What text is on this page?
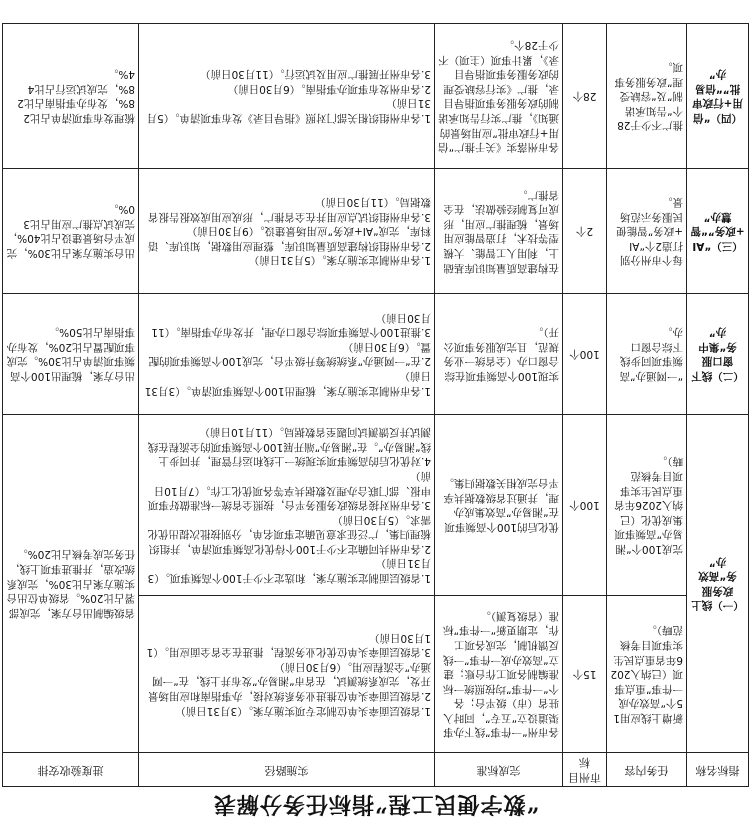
“数字便民工程”指标任务分解表
指标名称	任务内容	市州目标	完成标准	实施路径	进度验收安排
（一）线上政务服务“高效办”	新增上线应用15个“高效办成一件事”重点事项（已纳入2026年省重点民生实事项目考核范畴）。	15个	各市州“一件事”线下办事渠道设立“五专”，同时入驻省（市）级平台；各个“一件事”均按照统一标准编制各项工作台账；建立“高效办成一件事”一线反馈机制，完成各项工作，定期更新“一件事”标准（省级复测）。	1.省级层面牵头单位制定专项实施方案。（3月31日前）
2.省级层面牵头单位推进业务系统对接，办事指南和应用场景开发，完成系统测试，在省市“湘易办”发布并上线，在“一网通办”全流程应用。（6月30日前）
3.省级层面牵头单位优化业务流程，推进在全省全面应用。（11月30日前）	省级编制出台方案，完成部署占比20%。省级单位出台实施方案占比30%，完成系统改造，并推进事项上线，任务完成考核占比20%。
	完成100个“湘易办”高频事项集成优化（已纳入2026年省重点民生实事项目考核范畴）。	100个	优化后的100个高频事项在“湘易办”高效集成办理，并通过省级数据共享平台完成相关数据归集。	1.省级层面制定实施方案，和选定不少于100个高频事项。（3月31日前）
2.各市州共同确定不少于100个待优化高频事项清单，并组织梳理归集，广泛征求意见确定事项名单，分别按批次提出优化需求。（5月30日前）
3.各市州对接省级政务服务平台，按照全省统一标准做好事项申报、部门联合办理及数据共享等各项优化工作。（7月10日前）
4.对优化后的高频事项实现统一上线和运行管理，并同步上线“湘易办”。在“湘易办”端开展100个高频事项的全流程在线测试并反馈测试问题至省数据局。（11月10日前）	
（二）线下窗口服务“集中办”	“一网通办”高频事项同步线下综合窗口办。	100个	实现100个高频事项在综合窗口办（全省统一业务规范，且完成服务事项公开）。	1.各市州制定实施方案，梳理出100个高频事项清单。（3月31日前）
2.在“一网通办”系统统筹升级平台，完成100个高频事项的配置。（6月30日前）
3.推进100个高频事项综合窗口办理，并发布办事指南。（11月30日前）	出台方案，梳理出100个高频事项清单占比30%。完成事项配置占比20%，发布办事指南占比50%。
（三）“AI+政务”“智慧办”	每个市州分别打造2个“AI+政务”智能便民服务示范场景。	2个	在构建高质量知识库基础上，利用人工智能、大模型等技术，打造智能应用场景，梳理推广应用，形成可复制经验做法，在全省推广。	1.各市州制定实施方案。（5月31日前）
2.各市州组织构建高质量知识库，整理应用数据，知识库、语料库，完成“AI+政务”应用场景建设。（9月30日前）
3.各市州组织试点应用并在全省推广，形成应用成效报告报省数据局。（11月30日前）	出台实施方案占比30%，完成平台场景建设占比40%，完成试点推广应用占比30%。
（四）“信用+行政审批”“信易办”	推广不少于28个“告知承诺制”及“容缺受理”政务服务事项。	28个	各市州落实《关于推广“信用+行政审批”应用场景的通知》，推广实行告知承诺制的政务服务事项指导目录，推广《实行容缺受理的政务服务事项指导目录》，累计事项（主项）不少于28个。	1.各市州组织相关部门对照《指导目录》发布事项清单。（5月31日前）
2.各市州发布事项办事指南。（6月30日前）
3.各市州开展推广应用及试运行。（11月30日前）	梳理发布事项清单占比28%，发布办事指南占比28%，完成试运行占比44%。
